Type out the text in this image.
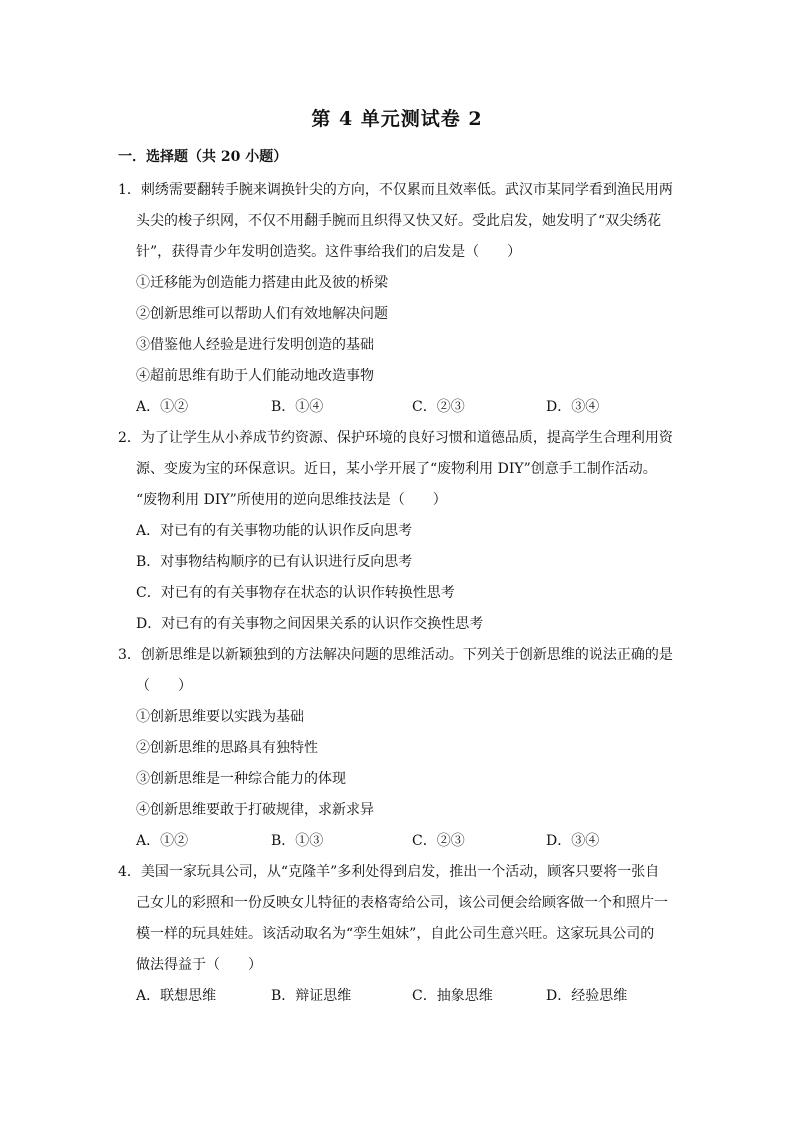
第 4 单元测试卷 2
一．选择题（共 20 小题）
1．刺绣需要翻转手腕来调换针尖的方向，不仅累而且效率低。武汉市某同学看到渔民用两
头尖的梭子织网，不仅不用翻手腕而且织得又快又好。受此启发，她发明了“双尖绣花
针”，获得青少年发明创造奖。这件事给我们的启发是（　　）
①迁移能为创造能力搭建由此及彼的桥梁
②创新思维可以帮助人们有效地解决问题
③借鉴他人经验是进行发明创造的基础
④超前思维有助于人们能动地改造事物
A．①②	B．①④	C．②③	D．③④
2．为了让学生从小养成节约资源、保护环境的良好习惯和道德品质，提高学生合理利用资
源、变废为宝的环保意识。近日，某小学开展了“废物利用 DIY”创意手工制作活动。
“废物利用 DIY”所使用的逆向思维技法是（　　）
A．对已有的有关事物功能的认识作反向思考
B．对事物结构顺序的已有认识进行反向思考
C．对已有的有关事物存在状态的认识作转换性思考
D．对已有的有关事物之间因果关系的认识作交换性思考
3．创新思维是以新颖独到的方法解决问题的思维活动。下列关于创新思维的说法正确的是
（　　）
①创新思维要以实践为基础
②创新思维的思路具有独特性
③创新思维是一种综合能力的体现
④创新思维要敢于打破规律，求新求异
A．①②	B．①③	C．②③	D．③④
4．美国一家玩具公司，从“克隆羊”多利处得到启发，推出一个活动，顾客只要将一张自
己女儿的彩照和一份反映女儿特征的表格寄给公司，该公司便会给顾客做一个和照片一
模一样的玩具娃娃。该活动取名为“孪生姐妹”，自此公司生意兴旺。这家玩具公司的
做法得益于（　　）
A．联想思维	B．辩证思维	C．抽象思维	D．经验思维
